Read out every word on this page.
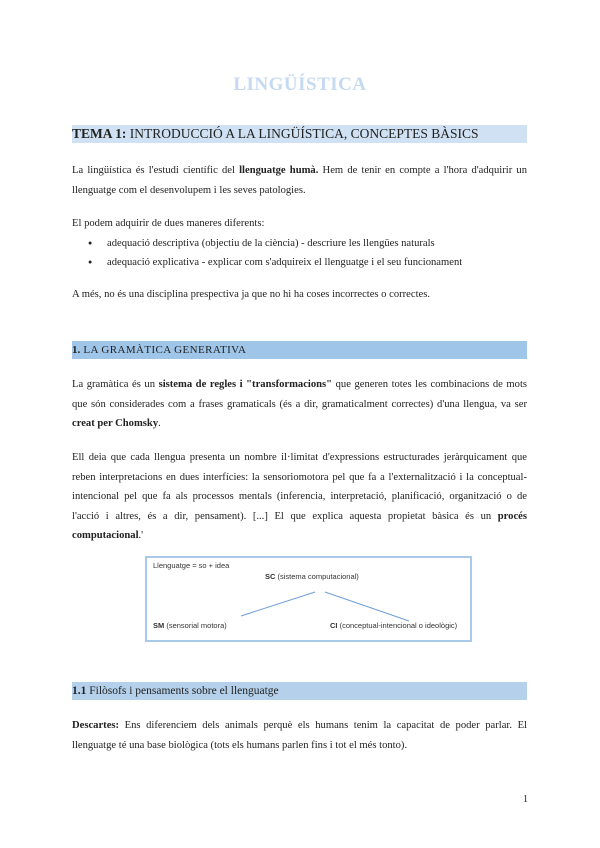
LINGÜÍSTICA
TEMA 1: INTRODUCCIÓ A LA LINGÜÍSTICA, CONCEPTES BÀSICS
La lingüística és l'estudi científic del llenguatge humà. Hem de tenir en compte a l'hora d'adquirir un llenguatge com el desenvolupem i les seves patologies.
El podem adquirir de dues maneres diferents:
● adequació descriptiva (objectiu de la ciència) - descriure les llengües naturals
● adequació explicativa - explicar com s'adquireix el llenguatge i el seu funcionament
A més, no és una disciplina prespectiva ja que no hi ha coses incorrectes o correctes.
1. LA GRAMÀTICA GENERATIVA
La gramàtica és un sistema de regles i "transformacions" que generen totes les combinacions de mots que són considerades com a frases gramaticals (és a dir, gramaticalment correctes) d'una llengua, va ser creat per Chomsky.
Ell deia que cada llengua presenta un nombre il·limitat d'expressions estructurades jeràrquicament que reben interpretacions en dues interfícies: la sensoriomotora pel que fa a l'externalització i la conceptual-intencional pel que fa als processos mentals (inferencia, interpretació, planificació, organització o de l'acció i altres, és a dir, pensament). [...] El que explica aquesta propietat bàsica és un procés computacional.'
Llenguatge = so + idea
SC (sistema computacional)
SM (sensorial motora)	CI (conceptual-intencional o ideològic)
1.1 Filòsofs i pensaments sobre el llenguatge
Descartes: Ens diferenciem dels animals perquè els humans tenim la capacitat de poder parlar. El llenguatge té una base biològica (tots els humans parlen fins i tot el més tonto).
1
